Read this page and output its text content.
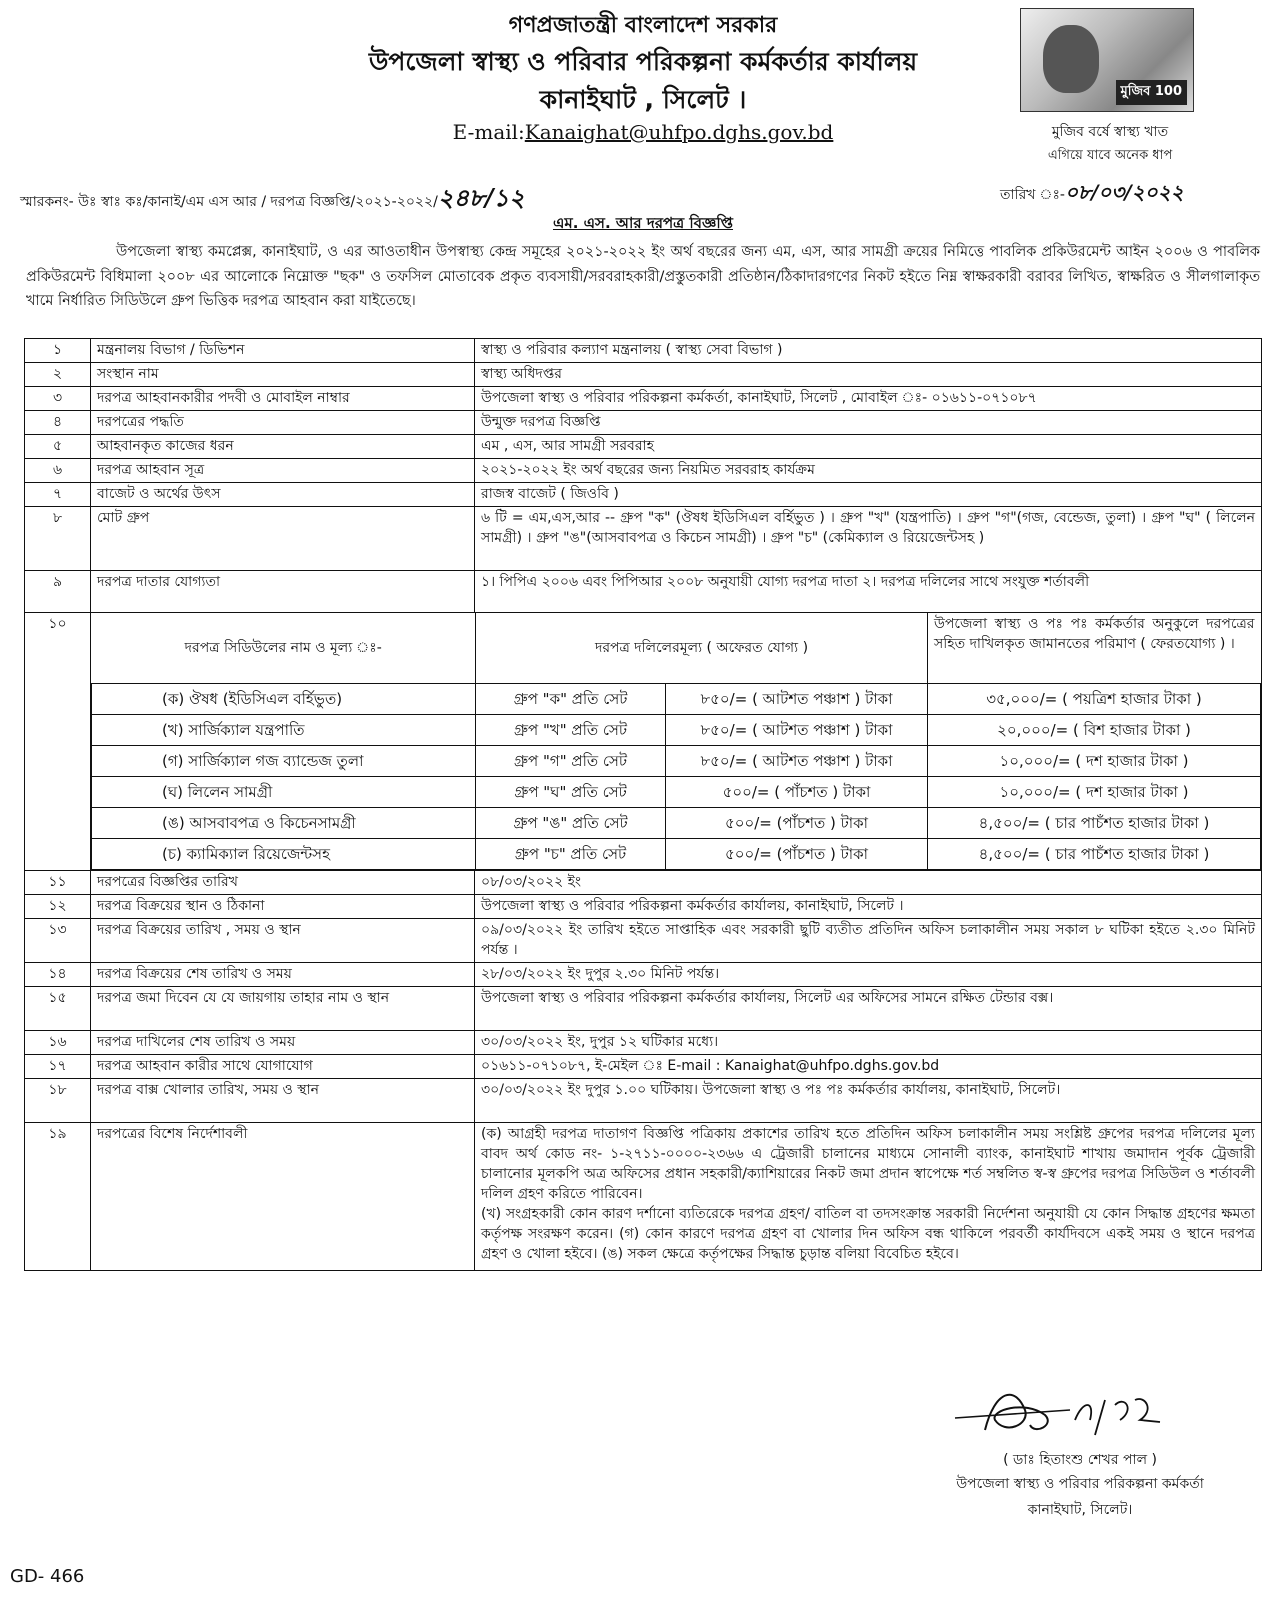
গণপ্রজাতন্ত্রী বাংলাদেশ সরকার
উপজেলা স্বাস্থ্য ও পরিবার পরিকল্পনা কর্মকর্তার কার্যালয়
কানাইঘাট , সিলেট ।
E-mail:Kanaighat@uhfpo.dghs.gov.bd
মুজিব 100
মুজিব বর্ষে স্বাস্থ্য খাত
এগিয়ে যাবে অনেক ধাপ
স্মারকনং- উঃ স্বাঃ কঃ/কানাই/এম এস আর / দরপত্র বিজ্ঞপ্তি/২০২১-২০২২/২৪৮/১২	তারিখ ঃ-০৮/০৩/২০২২
এম. এস. আর দরপত্র বিজ্ঞপ্তি
উপজেলা স্বাস্থ্য কমপ্লেক্স, কানাইঘাট, ও এর আওতাধীন উপস্বাস্থ্য কেন্দ্র সমূহের ২০২১-২০২২ ইং অর্থ বছরের জন্য এম, এস, আর সামগ্রী ক্রয়ের নিমিত্তে পাবলিক প্রকিউরমেন্ট আইন ২০০৬ ও পাবলিক প্রকিউরমেন্ট বিধিমালা ২০০৮ এর আলোকে নিম্নোক্ত "ছক" ও তফসিল মোতাবেক প্রকৃত ব্যবসায়ী/সরবরাহকারী/প্রস্তুতকারী প্রতিষ্ঠান/ঠিকাদারগণের নিকট হইতে নিম্ন স্বাক্ষরকারী বরাবর লিখিত, স্বাক্ষরিত ও সীলগালাকৃত খামে নির্ধারিত সিডিউলে গ্রুপ ভিত্তিক দরপত্র আহবান করা যাইতেছে।
১	মন্ত্রনালয় বিভাগ / ডিভিশন	স্বাস্থ্য ও পরিবার কল্যাণ মন্ত্রনালয় ( স্বাস্থ্য সেবা বিভাগ )
২	সংস্থান নাম	স্বাস্থ্য অধিদপ্তর
৩	দরপত্র আহবানকারীর পদবী ও মোবাইল নাম্বার	উপজেলা স্বাস্থ্য ও পরিবার পরিকল্পনা কর্মকর্তা, কানাইঘাট, সিলেট , মোবাইল ঃ- ০১৬১১-০৭১০৮৭
৪	দরপত্রের পদ্ধতি	উন্মুক্ত দরপত্র বিজ্ঞপ্তি
৫	আহবানকৃত কাজের ধরন	এম , এস, আর সামগ্রী সরবরাহ
৬	দরপত্র আহবান সূত্র	২০২১-২০২২ ইং অর্থ বছরের জন্য নিয়মিত সরবরাহ কার্যক্রম
৭	বাজেট ও অর্থের উৎস	রাজস্ব বাজেট ( জিওবি )
৮	মোট গ্রুপ	৬ টি = এম,এস,আর -- গ্রুপ "ক" (ঔষধ ইডিসিএল বর্হিভুত ) । গ্রুপ "খ" (যন্ত্রপাতি) । গ্রুপ "গ"(গজ, বেন্ডেজ, তুলা) । গ্রুপ "ঘ" ( লিলেন সামগ্রী) । গ্রুপ "ঙ"(আসবাবপত্র ও কিচেন সামগ্রী) । গ্রুপ "চ" (কেমিক্যাল ও রিয়েজেন্টসহ )
৯	দরপত্র দাতার যোগ্যতা	১। পিপিএ ২০০৬ এবং পিপিআর ২০০৮ অনুযায়ী যোগ্য দরপত্র দাতা ২। দরপত্র দলিলের সাথে সংযুক্ত শর্তাবলী
১০	
দরপত্র সিডিউলের নাম ও মূল্য ঃ-	দরপত্র দলিলেরমূল্য ( অফেরত যোগ্য )	উপজেলা স্বাস্থ্য ও পঃ পঃ কর্মকর্তার অনুকুলে দরপত্রের সহিত দাখিলকৃত জামানতের পরিমাণ ( ফেরতযোগ্য ) ।
(ক) ঔষধ (ইডিসিএল বর্হিভুত)	গ্রুপ "ক" প্রতি সেট	৮৫০/= ( আটশত পঞ্চাশ ) টাকা	৩৫,০০০/= ( পয়ত্রিশ হাজার টাকা )
(খ) সার্জিক্যাল যন্ত্রপাতি	গ্রুপ "খ" প্রতি সেট	৮৫০/= ( আটশত পঞ্চাশ ) টাকা	২০,০০০/= ( বিশ হাজার টাকা )
(গ) সার্জিক্যাল গজ ব্যান্ডেজ তুলা	গ্রুপ "গ" প্রতি সেট	৮৫০/= ( আটশত পঞ্চাশ ) টাকা	১০,০০০/= ( দশ হাজার টাকা )
(ঘ) লিলেন সামগ্রী	গ্রুপ "ঘ" প্রতি সেট	৫০০/= ( পাঁচশত ) টাকা	১০,০০০/= ( দশ হাজার টাকা )
(ঙ) আসবাবপত্র ও কিচেনসামগ্রী	গ্রুপ "ঙ" প্রতি সেট	৫০০/= (পাঁচশত ) টাকা	৪,৫০০/= ( চার পাচঁশত হাজার টাকা )
(চ) ক্যামিক্যাল রিয়েজেন্টসহ	গ্রুপ "চ" প্রতি সেট	৫০০/= (পাঁচশত ) টাকা	৪,৫০০/= ( চার পাচঁশত হাজার টাকা )

১১	দরপত্রের বিজ্ঞপ্তির তারিখ	০৮/০৩/২০২২ ইং
১২	দরপত্র বিক্রয়ের স্থান ও ঠিকানা	উপজেলা স্বাস্থ্য ও পরিবার পরিকল্পনা কর্মকর্তার কার্যালয়, কানাইঘাট, সিলেট ।
১৩	দরপত্র বিক্রয়ের তারিখ , সময় ও স্থান	০৯/০৩/২০২২ ইং তারিখ হইতে সাপ্তাহিক এবং সরকারী ছুটি ব্যতীত প্রতিদিন অফিস চলাকালীন সময় সকাল ৮ ঘটিকা হইতে ২.৩০ মিনিট পর্যন্ত ।
১৪	দরপত্র বিক্রয়ের শেষ তারিখ ও সময়	২৮/০৩/২০২২ ইং দুপুর ২.৩০ মিনিট পর্যন্ত।
১৫	দরপত্র জমা দিবেন যে যে জায়গায় তাহার নাম ও স্থান	উপজেলা স্বাস্থ্য ও পরিবার পরিকল্পনা কর্মকর্তার কার্যালয়, সিলেট এর অফিসের সামনে রক্ষিত টেন্ডার বক্স।
১৬	দরপত্র দাখিলের শেষ তারিখ ও সময়	৩০/০৩/২০২২ ইং, দুপুর ১২ ঘটিকার মধ্যে।
১৭	দরপত্র আহবান কারীর সাথে যোগাযোগ	০১৬১১-০৭১০৮৭, ই-মেইল ঃ E-mail : Kanaighat@uhfpo.dghs.gov.bd
১৮	দরপত্র বাক্স খোলার তারিখ, সময় ও স্থান	৩০/০৩/২০২২ ইং দুপুর ১.০০ ঘটিকায়। উপজেলা স্বাস্থ্য ও পঃ পঃ কর্মকর্তার কার্যালয়, কানাইঘাট, সিলেট।
১৯	দরপত্রের বিশেষ নির্দেশাবলী	(ক) আগ্রহী দরপত্র দাতাগণ বিজ্ঞপ্তি পত্রিকায় প্রকাশের তারিখ হতে প্রতিদিন অফিস চলাকালীন সময় সংশ্লিষ্ট গ্রুপের দরপত্র দলিলের মূল্য বাবদ অর্থ কোড নং- ১-২৭১১-০০০০-২৩৬৬ এ ট্রেজারী চালানের মাধ্যমে সোনালী ব্যাংক, কানাইঘাট শাখায় জমাদান পূর্বক ট্রেজারী চালানোর মূলকপি অত্র অফিসের প্রধান সহকারী/ক্যাশিয়ারের নিকট জমা প্রদান স্বাপেক্ষে শর্ত সম্বলিত স্ব-স্ব গ্রুপের দরপত্র সিডিউল ও শর্তাবলী দলিল গ্রহণ করিতে পারিবেন।
(খ) সংগ্রহকারী কোন কারণ দর্শানো ব্যতিরেকে দরপত্র গ্রহণ/ বাতিল বা তদসংক্রান্ত সরকারী নির্দেশনা অনুযায়ী যে কোন সিদ্ধান্ত গ্রহণের ক্ষমতা কর্তৃপক্ষ সংরক্ষণ করেন। (গ) কোন কারণে দরপত্র গ্রহণ বা খোলার দিন অফিস বন্ধ থাকিলে পরবর্তী কার্যদিবসে একই সময় ও স্থানে দরপত্র গ্রহণ ও খোলা হইবে। (ঙ) সকল ক্ষেত্রে কর্তৃপক্ষের সিদ্ধান্ত চুড়ান্ত বলিয়া বিবেচিত হইবে।
( ডাঃ হিতাংশু শেখর পাল )
উপজেলা স্বাস্থ্য ও পরিবার পরিকল্পনা কর্মকর্তা
কানাইঘাট, সিলেট।
GD- 466
